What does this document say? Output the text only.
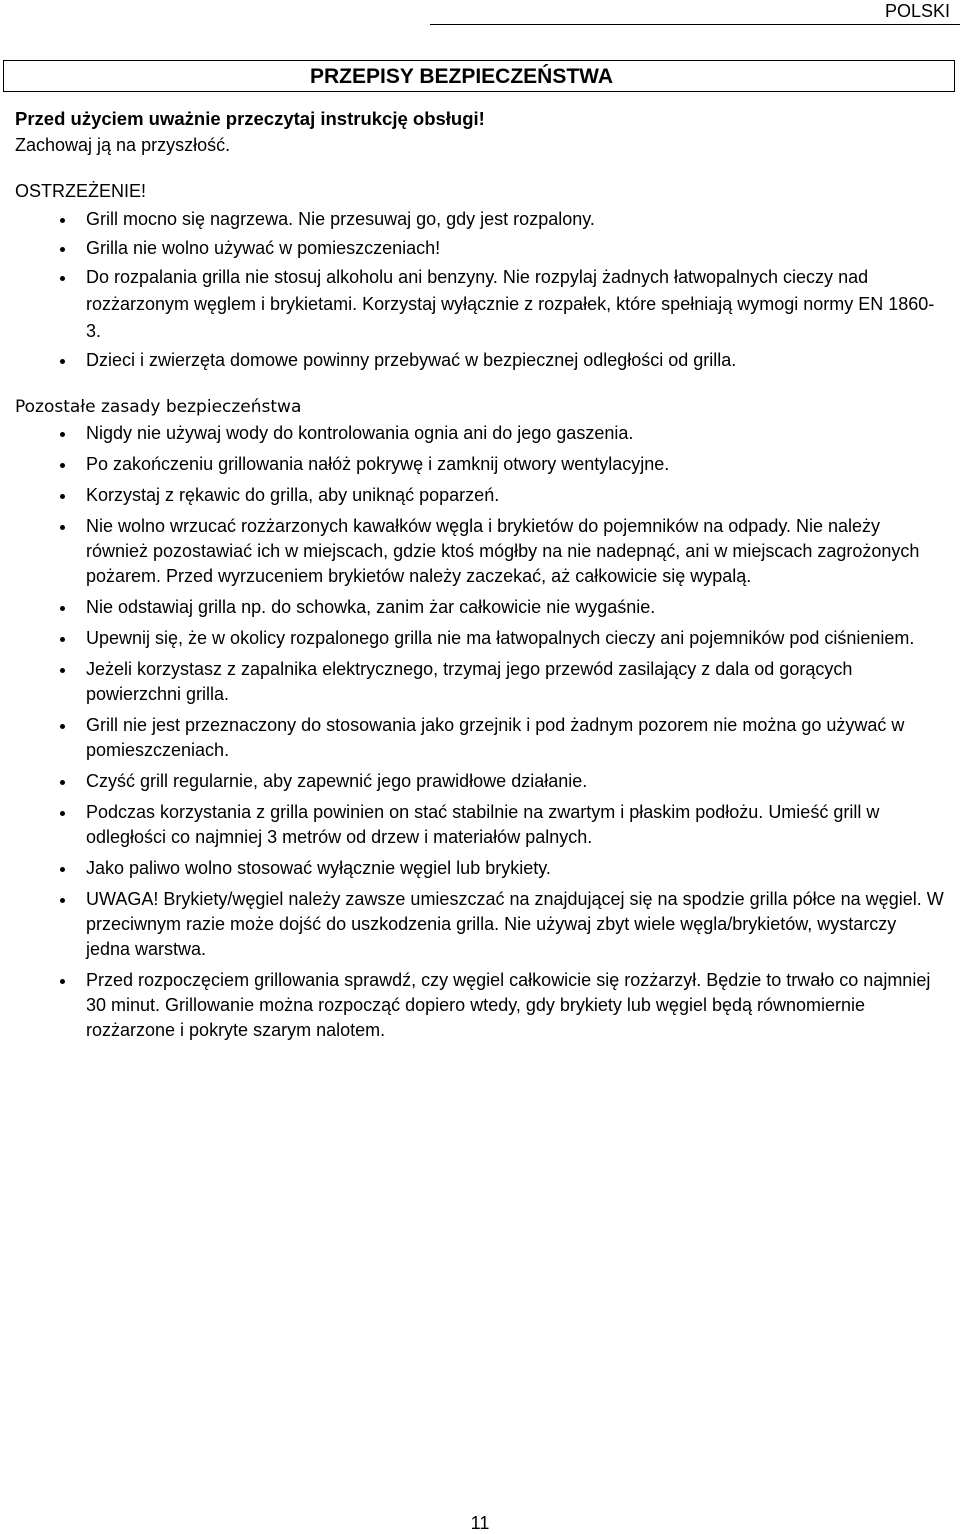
POLSKI
PRZEPISY BEZPIECZEŃSTWA
Przed użyciem uważnie przeczytaj instrukcję obsługi!
Zachowaj ją na przyszłość.
OSTRZEŻENIE!
Grill mocno się nagrzewa. Nie przesuwaj go, gdy jest rozpalony.
Grilla nie wolno używać w pomieszczeniach!
Do rozpalania grilla nie stosuj alkoholu ani benzyny. Nie rozpylaj żadnych łatwopalnych cieczy nad rozżarzonym węglem i brykietami. Korzystaj wyłącznie z rozpałek, które spełniają wymogi normy EN 1860-3.
Dzieci i zwierzęta domowe powinny przebywać w bezpiecznej odległości od grilla.
Pozostałe zasady bezpieczeństwa
Nigdy nie używaj wody do kontrolowania ognia ani do jego gaszenia.
Po zakończeniu grillowania nałóż pokrywę i zamknij otwory wentylacyjne.
Korzystaj z rękawic do grilla, aby uniknąć poparzeń.
Nie wolno wrzucać rozżarzonych kawałków węgla i brykietów do pojemników na odpady. Nie należy również pozostawiać ich w miejscach, gdzie ktoś mógłby na nie nadepnąć, ani w miejscach zagrożonych pożarem. Przed wyrzuceniem brykietów należy zaczekać, aż całkowicie się wypalą.
Nie odstawiaj grilla np. do schowka, zanim żar całkowicie nie wygaśnie.
Upewnij się, że w okolicy rozpalonego grilla nie ma łatwopalnych cieczy ani pojemników pod ciśnieniem.
Jeżeli korzystasz z zapalnika elektrycznego, trzymaj jego przewód zasilający z dala od gorących powierzchni grilla.
Grill nie jest przeznaczony do stosowania jako grzejnik i pod żadnym pozorem nie można go używać w pomieszczeniach.
Czyść grill regularnie, aby zapewnić jego prawidłowe działanie.
Podczas korzystania z grilla powinien on stać stabilnie na zwartym i płaskim podłożu. Umieść grill w odległości co najmniej 3 metrów od drzew i materiałów palnych.
Jako paliwo wolno stosować wyłącznie węgiel lub brykiety.
UWAGA! Brykiety/węgiel należy zawsze umieszczać na znajdującej się na spodzie grilla półce na węgiel. W przeciwnym razie może dojść do uszkodzenia grilla. Nie używaj zbyt wiele węgla/brykietów, wystarczy jedna warstwa.
Przed rozpoczęciem grillowania sprawdź, czy węgiel całkowicie się rozżarzył. Będzie to trwało co najmniej 30 minut. Grillowanie można rozpocząć dopiero wtedy, gdy brykiety lub węgiel będą równomiernie rozżarzone i pokryte szarym nalotem.
11
